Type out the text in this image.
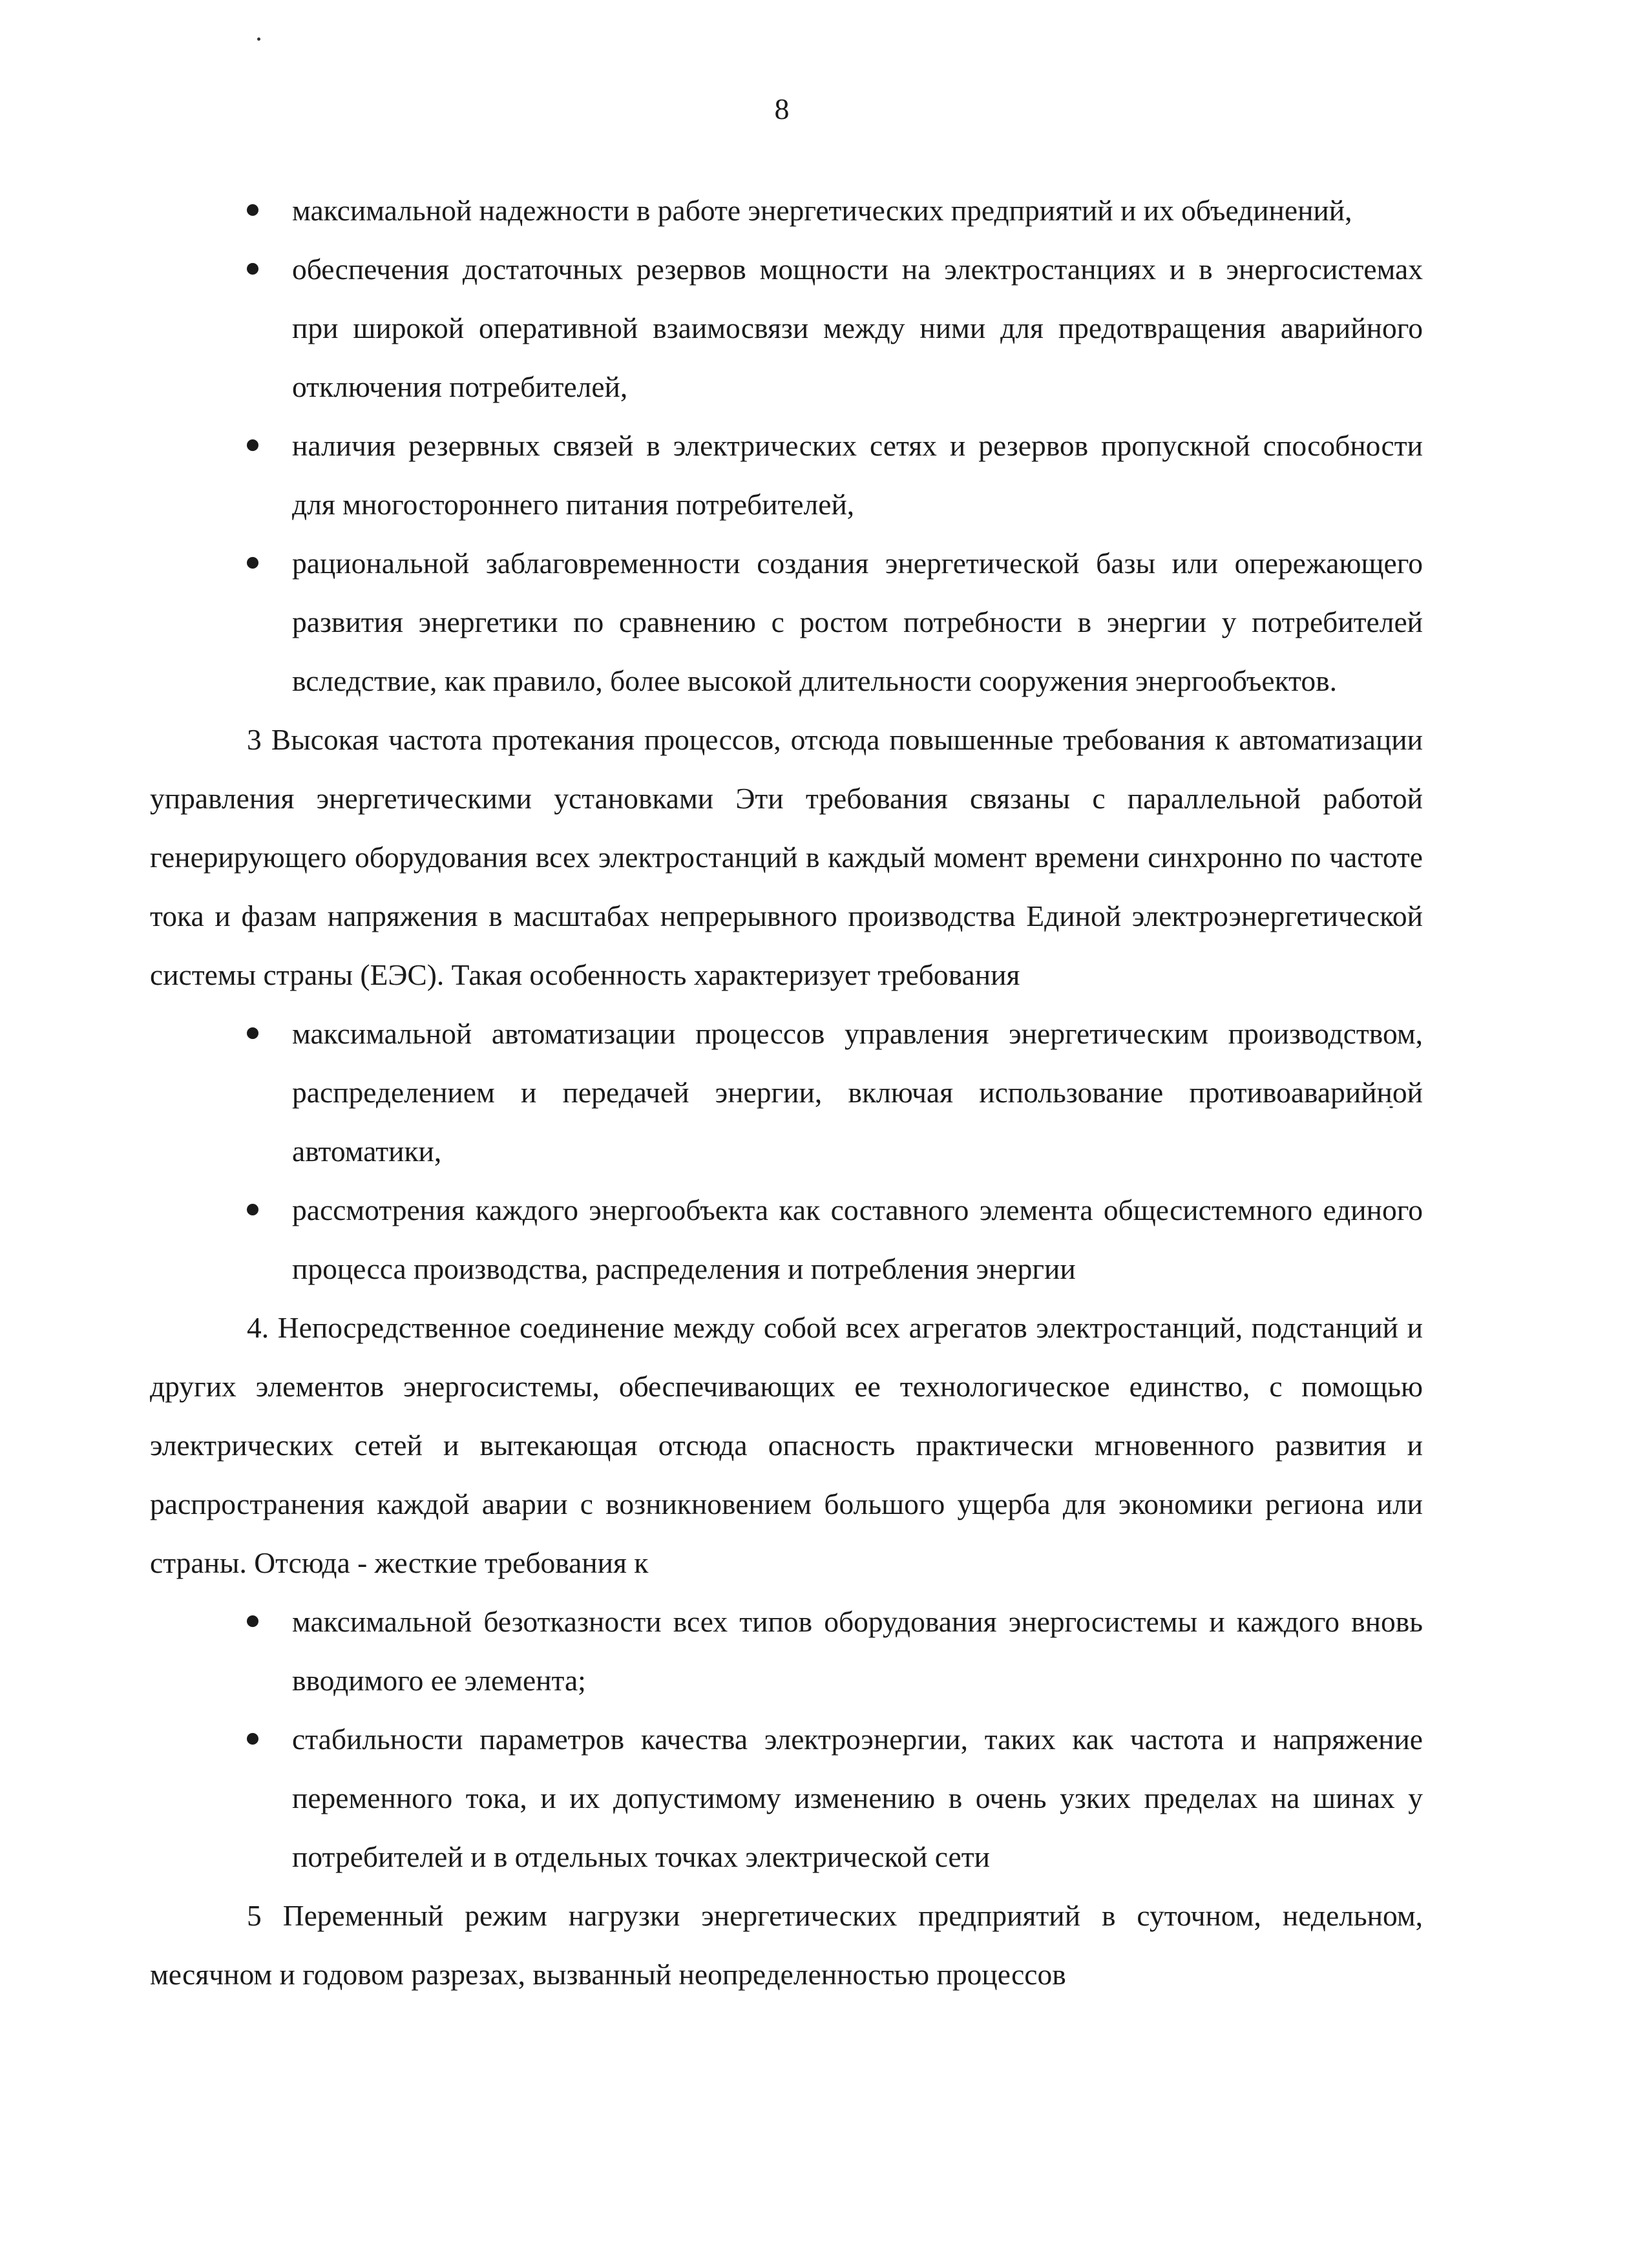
8
максимальной надежности в работе энергетических предприятий и их объединений,
обеспечения достаточных резервов мощности на электростанциях и в энергосистемах при широкой оперативной взаимосвязи между ними для предотвращения аварийного отключения потребителей,
наличия резервных связей в электрических сетях и резервов пропускной способности для многостороннего питания потребителей,
рациональной заблаговременности создания энергетической базы или опережающего развития энергетики по сравнению с ростом потребности в энергии у потребителей вследствие, как правило, более высокой длительности сооружения энергообъектов.

3 Высокая частота протекания процессов, отсюда повышенные требования к автоматизации управления энергетическими установками Эти требования связаны с параллельной работой генерирующего оборудования всех электростанций в каждый момент времени синхронно по частоте тока и фазам напряжения в масштабах непрерывного производства Единой электроэнергетической системы страны (ЕЭС). Такая особенность характеризует требования

максимальной автоматизации процессов управления энергетическим производством, распределением и передачей энергии, включая использование противоаварийной автоматики,
рассмотрения каждого энергообъекта как составного элемента общесистемного единого процесса производства, распределения и потребления энергии

4. Непосредственное соединение между собой всех агрегатов электростанций, подстанций и других элементов энергосистемы, обеспечивающих ее технологическое единство, с помощью электрических сетей и вытекающая отсюда опасность практически мгновенного развития и распространения каждой аварии с возникновением большого ущерба для экономики региона или страны. Отсюда - жесткие требования к

максимальной безотказности всех типов оборудования энергосистемы и каждого вновь вводимого ее элемента;
стабильности параметров качества электроэнергии, таких как частота и напряжение переменного тока, и их допустимому изменению в очень узких пределах на шинах у потребителей и в отдельных точках электрической сети

5 Переменный режим нагрузки энергетических предприятий в суточном, недельном, месячном и годовом разрезах, вызванный неопределенностью процессов
